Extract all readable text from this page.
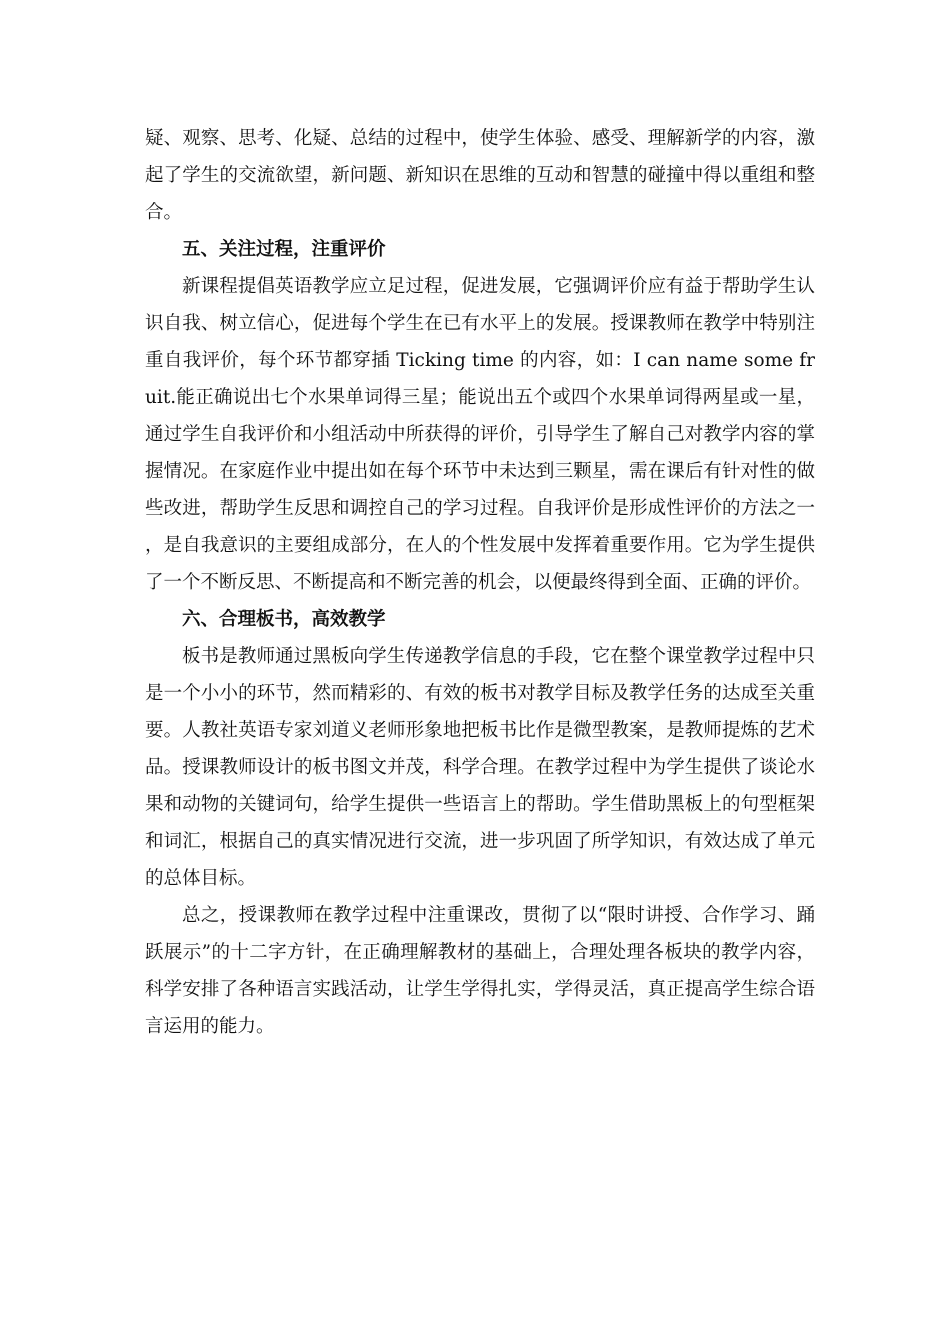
疑、观察、思考、化疑、总结的过程中，使学生体验、感受、理解新学的内容，激起了学生的交流欲望，新问题、新知识在思维的互动和智慧的碰撞中得以重组和整合。

五、关注过程，注重评价

新课程提倡英语教学应立足过程，促进发展，它强调评价应有益于帮助学生认识自我、树立信心，促进每个学生在已有水平上的发展。授课教师在教学中特别注重自我评价，每个环节都穿插 Ticking time 的内容，如：I can name some fruit.能正确说出七个水果单词得三星；能说出五个或四个水果单词得两星或一星，通过学生自我评价和小组活动中所获得的评价，引导学生了解自己对教学内容的掌握情况。在家庭作业中提出如在每个环节中未达到三颗星，需在课后有针对性的做些改进，帮助学生反思和调控自己的学习过程。自我评价是形成性评价的方法之一，是自我意识的主要组成部分，在人的个性发展中发挥着重要作用。它为学生提供了一个不断反思、不断提高和不断完善的机会，以便最终得到全面、正确的评价。

六、合理板书，高效教学

板书是教师通过黑板向学生传递教学信息的手段，它在整个课堂教学过程中只是一个小小的环节，然而精彩的、有效的板书对教学目标及教学任务的达成至关重要。人教社英语专家刘道义老师形象地把板书比作是微型教案，是教师提炼的艺术品。授课教师设计的板书图文并茂，科学合理。在教学过程中为学生提供了谈论水果和动物的关键词句，给学生提供一些语言上的帮助。学生借助黑板上的句型框架和词汇，根据自己的真实情况进行交流，进一步巩固了所学知识，有效达成了单元的总体目标。

总之，授课教师在教学过程中注重课改，贯彻了以“限时讲授、合作学习、踊跃展示”的十二字方针，在正确理解教材的基础上，合理处理各板块的教学内容，科学安排了各种语言实践活动，让学生学得扎实，学得灵活，真正提高学生综合语言运用的能力。
